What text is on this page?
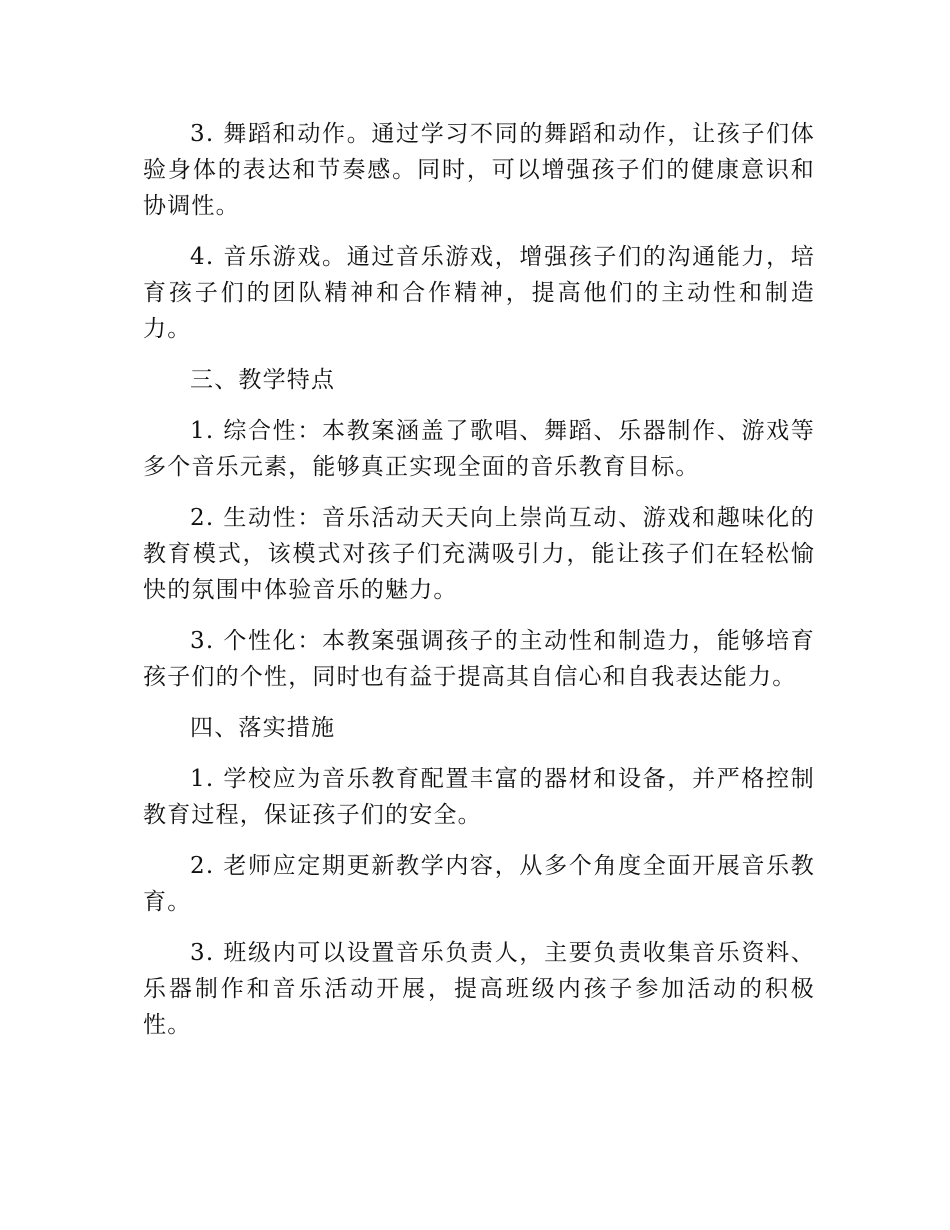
3. 舞蹈和动作。通过学习不同的舞蹈和动作，让孩子们体验身体的表达和节奏感。同时，可以增强孩子们的健康意识和协调性。

4. 音乐游戏。通过音乐游戏，增强孩子们的沟通能力，培育孩子们的团队精神和合作精神，提高他们的主动性和制造力。

三、教学特点

1. 综合性：本教案涵盖了歌唱、舞蹈、乐器制作、游戏等多个音乐元素，能够真正实现全面的音乐教育目标。

2. 生动性：音乐活动天天向上崇尚互动、游戏和趣味化的教育模式，该模式对孩子们充满吸引力，能让孩子们在轻松愉快的氛围中体验音乐的魅力。

3. 个性化：本教案强调孩子的主动性和制造力，能够培育孩子们的个性，同时也有益于提高其自信心和自我表达能力。

四、落实措施

1. 学校应为音乐教育配置丰富的器材和设备，并严格控制教育过程，保证孩子们的安全。

2. 老师应定期更新教学内容，从多个角度全面开展音乐教育。

3. 班级内可以设置音乐负责人，主要负责收集音乐资料、乐器制作和音乐活动开展，提高班级内孩子参加活动的积极性。
